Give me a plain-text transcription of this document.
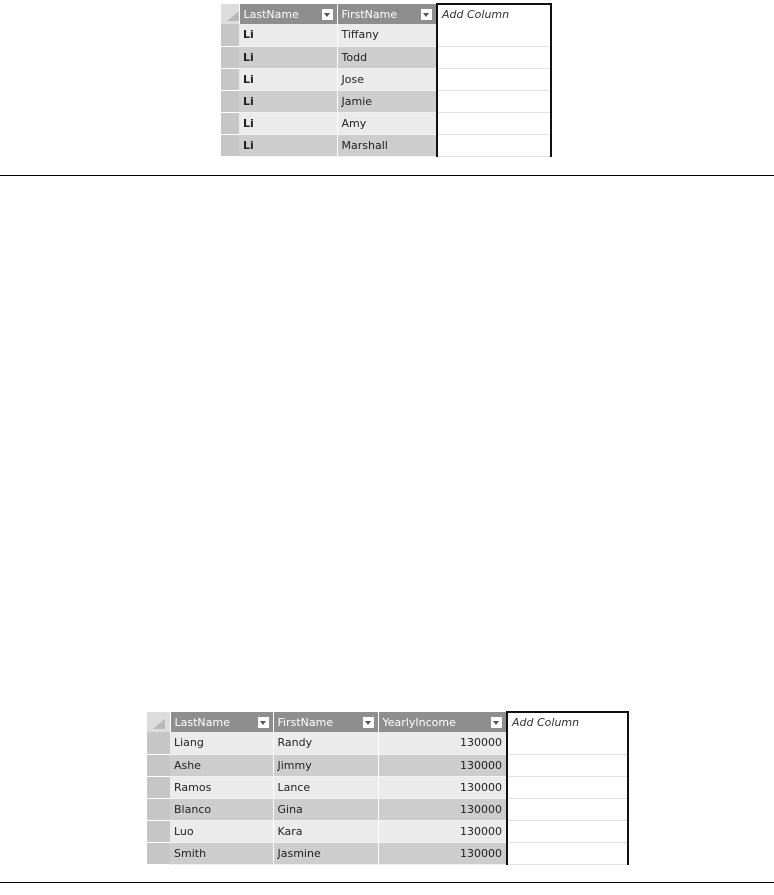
	LastName	FirstName	Add Column
	Li	Tiffany	
	Li	Todd	
	Li	Jose	
	Li	Jamie	
	Li	Amy	
	Li	Marshall	

	LastName	FirstName	YearlyIncome	Add Column
	Liang	Randy	130000	
	Ashe	Jimmy	130000	
	Ramos	Lance	130000	
	Blanco	Gina	130000	
	Luo	Kara	130000	
	Smith	Jasmine	130000	
